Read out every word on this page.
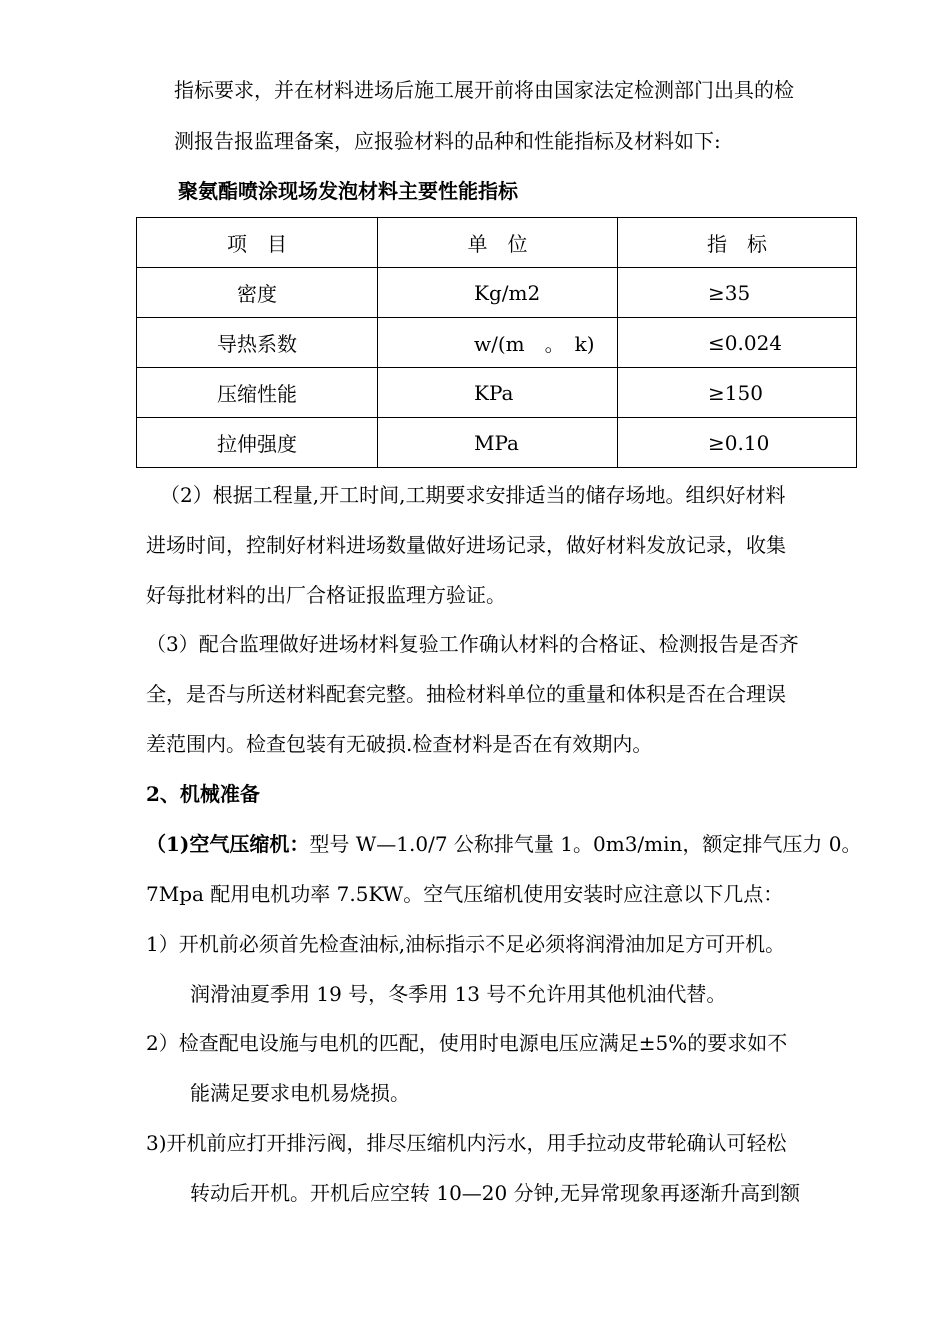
指标要求，并在材料进场后施工展开前将由国家法定检测部门出具的检
测报告报监理备案，应报验材料的品种和性能指标及材料如下:
聚氨酯喷涂现场发泡材料主要性能指标
项　目	单　位	指　标
密度	Kg/m2	≥35
导热系数	w/(m　。　k)	≤0.024
压缩性能	KPa	≥150
拉伸强度	MPa	≥0.10
（2）根据工程量,开工时间,工期要求安排适当的储存场地。组织好材料
进场时间，控制好材料进场数量做好进场记录，做好材料发放记录，收集
好每批材料的出厂合格证报监理方验证。
（3）配合监理做好进场材料复验工作确认材料的合格证、检测报告是否齐
全，是否与所送材料配套完整。抽检材料单位的重量和体积是否在合理误
差范围内。检查包装有无破损.检查材料是否在有效期内。
2、机械准备
（1)空气压缩机：型号 W—1.0/7 公称排气量 1。0m3/min，额定排气压力 0。
7Mpa 配用电机功率 7.5KW。空气压缩机使用安装时应注意以下几点：
1）开机前必须首先检查油标,油标指示不足必须将润滑油加足方可开机。
润滑油夏季用 19 号，冬季用 13 号不允许用其他机油代替。
2）检查配电设施与电机的匹配，使用时电源电压应满足±5%的要求如不
能满足要求电机易烧损。
3)开机前应打开排污阀，排尽压缩机内污水，用手拉动皮带轮确认可轻松
转动后开机。开机后应空转 10—20 分钟,无异常现象再逐渐升高到额
